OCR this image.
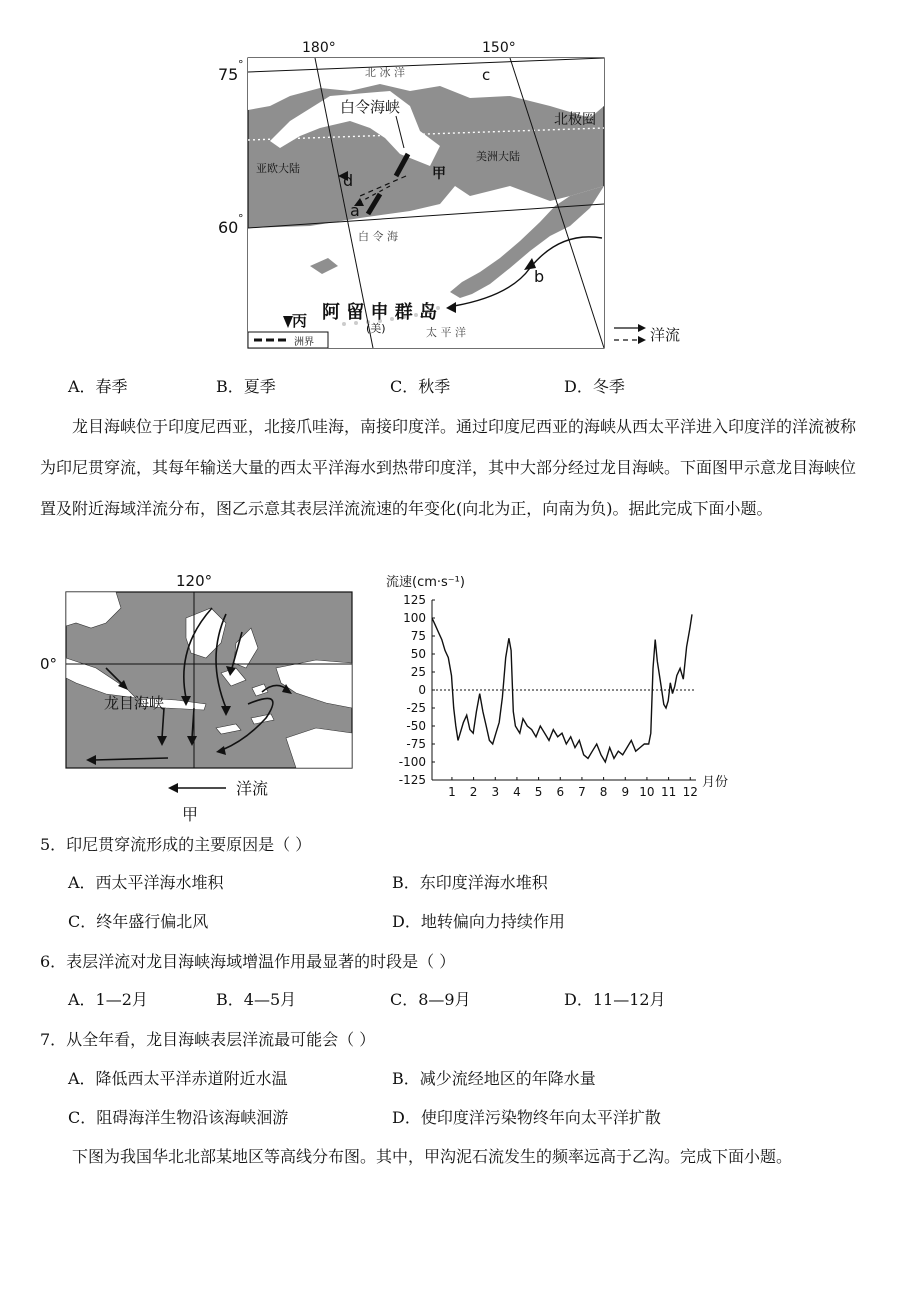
180°	150°
75
°
60 °
北 冰 洋	c
白令海峡
北极圈
亚欧大陆
美洲大陆
d	甲
a
白 令 海
b
阿 留 申 群 岛
丙	(美)	太 平 洋
洲界	洋流
A．春季	B．夏季	C．秋季	D．冬季
龙目海峡位于印度尼西亚，北接爪哇海，南接印度洋。通过印度尼西亚的海峡从西太平洋进入印度洋的洋流被称为印尼贯穿流，其每年输送大量的西太平洋海水到热带印度洋，其中大部分经过龙目海峡。下面图甲示意龙目海峡位置及附近海域洋流分布，图乙示意其表层洋流流速的年变化(向北为正，向南为负)。据此完成下面小题。
120°
0°
龙目海峡
洋流
甲
流速(cm·s⁻¹)
125
100
75
50
25
0
-25
-50
-75
-100
-125
1 2 3 4 5 6 7 8 9 10 11 12
月份
5．印尼贯穿流形成的主要原因是（ ）
A．西太平洋海水堆积	B．东印度洋海水堆积
C．终年盛行偏北风	D．地转偏向力持续作用
6．表层洋流对龙目海峡海域增温作用最显著的时段是（ ）
A．1—2月	B．4—5月	C．8—9月	D．11—12月
7．从全年看，龙目海峡表层洋流最可能会（ ）
A．降低西太平洋赤道附近水温	B．减少流经地区的年降水量
C．阻碍海洋生物沿该海峡洄游	D．使印度洋污染物终年向太平洋扩散
下图为我国华北北部某地区等高线分布图。其中，甲沟泥石流发生的频率远高于乙沟。完成下面小题。
